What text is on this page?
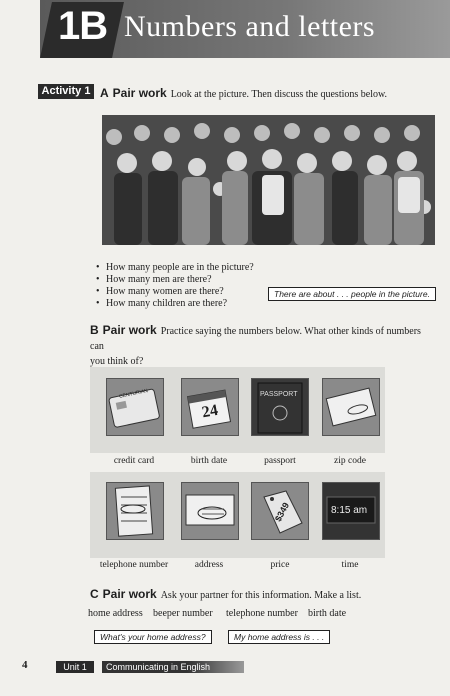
1B Numbers and letters
Activity 1 A Pair work Look at the picture. Then discuss the questions below.
• How many people are in the picture?
• How many men are there?
• How many women are there?
• How many children are there?
There are about . . . people in the picture.
B Pair work Practice saying the numbers below. What other kinds of numbers can
you think of?
CENTURIAN
24
PASSPORT
credit card	birth date	passport	zip code
$349	8:15 am
telephone number	address	price	time
C Pair work Ask your partner for this information. Make a list.
home address beeper number telephone number birth date
What's your home address?	My home address is . . .
4	Unit 1	Communicating in English
